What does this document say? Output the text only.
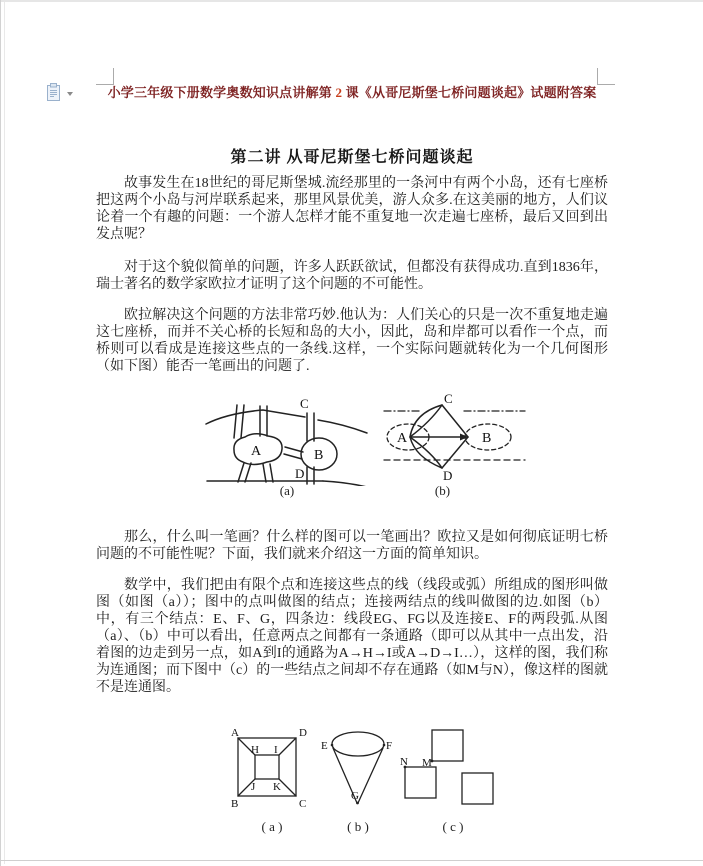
小学三年级下册数学奥数知识点讲解第 2 课《从哥尼斯堡七桥问题谈起》试题附答案
第二讲 从哥尼斯堡七桥问题谈起

故事发生在18世纪的哥尼斯堡城.流经那里的一条河中有两个小岛，还有七座桥把这两个小岛与河岸联系起来，那里风景优美，游人众多.在这美丽的地方，人们议论着一个有趣的问题：一个游人怎样才能不重复地一次走遍七座桥，最后又回到出发点呢？

对于这个貌似简单的问题，许多人跃跃欲试，但都没有获得成功.直到1836年，瑞士著名的数学家欧拉才证明了这个问题的不可能性。

欧拉解决这个问题的方法非常巧妙.他认为：人们关心的只是一次不重复地走遍这七座桥，而并不关心桥的长短和岛的大小，因此，岛和岸都可以看作一个点，而桥则可以看成是连接这些点的一条线.这样，一个实际问题就转化为一个几何图形（如下图）能否一笔画出的问题了.

那么，什么叫一笔画？什么样的图可以一笔画出？欧拉又是如何彻底证明七桥问题的不可能性呢？下面，我们就来介绍这一方面的简单知识。

数学中，我们把由有限个点和连接这些点的线（线段或弧）所组成的图形叫做图（如图（a））；图中的点叫做图的结点；连接两结点的线叫做图的边.如图（b）中，有三个结点：E、F、G，四条边：线段EG、FG以及连接E、F的两段弧.从图（a）、（b）中可以看出，任意两点之间都有一条通路（即可以从其中一点出发，沿着图的边走到另一点，如A到I的通路为A→H→I或A→D→I…），这样的图，我们称为连通图；而下图中（c）的一些结点之间却不存在通路（如M与N），像这样的图就不是连通图。

C
A	B
D

(a)

C
A	B
D

(b)

A	D
B	C
H I
J K

( a )

E	F
G

( b )

M
N

( c )
